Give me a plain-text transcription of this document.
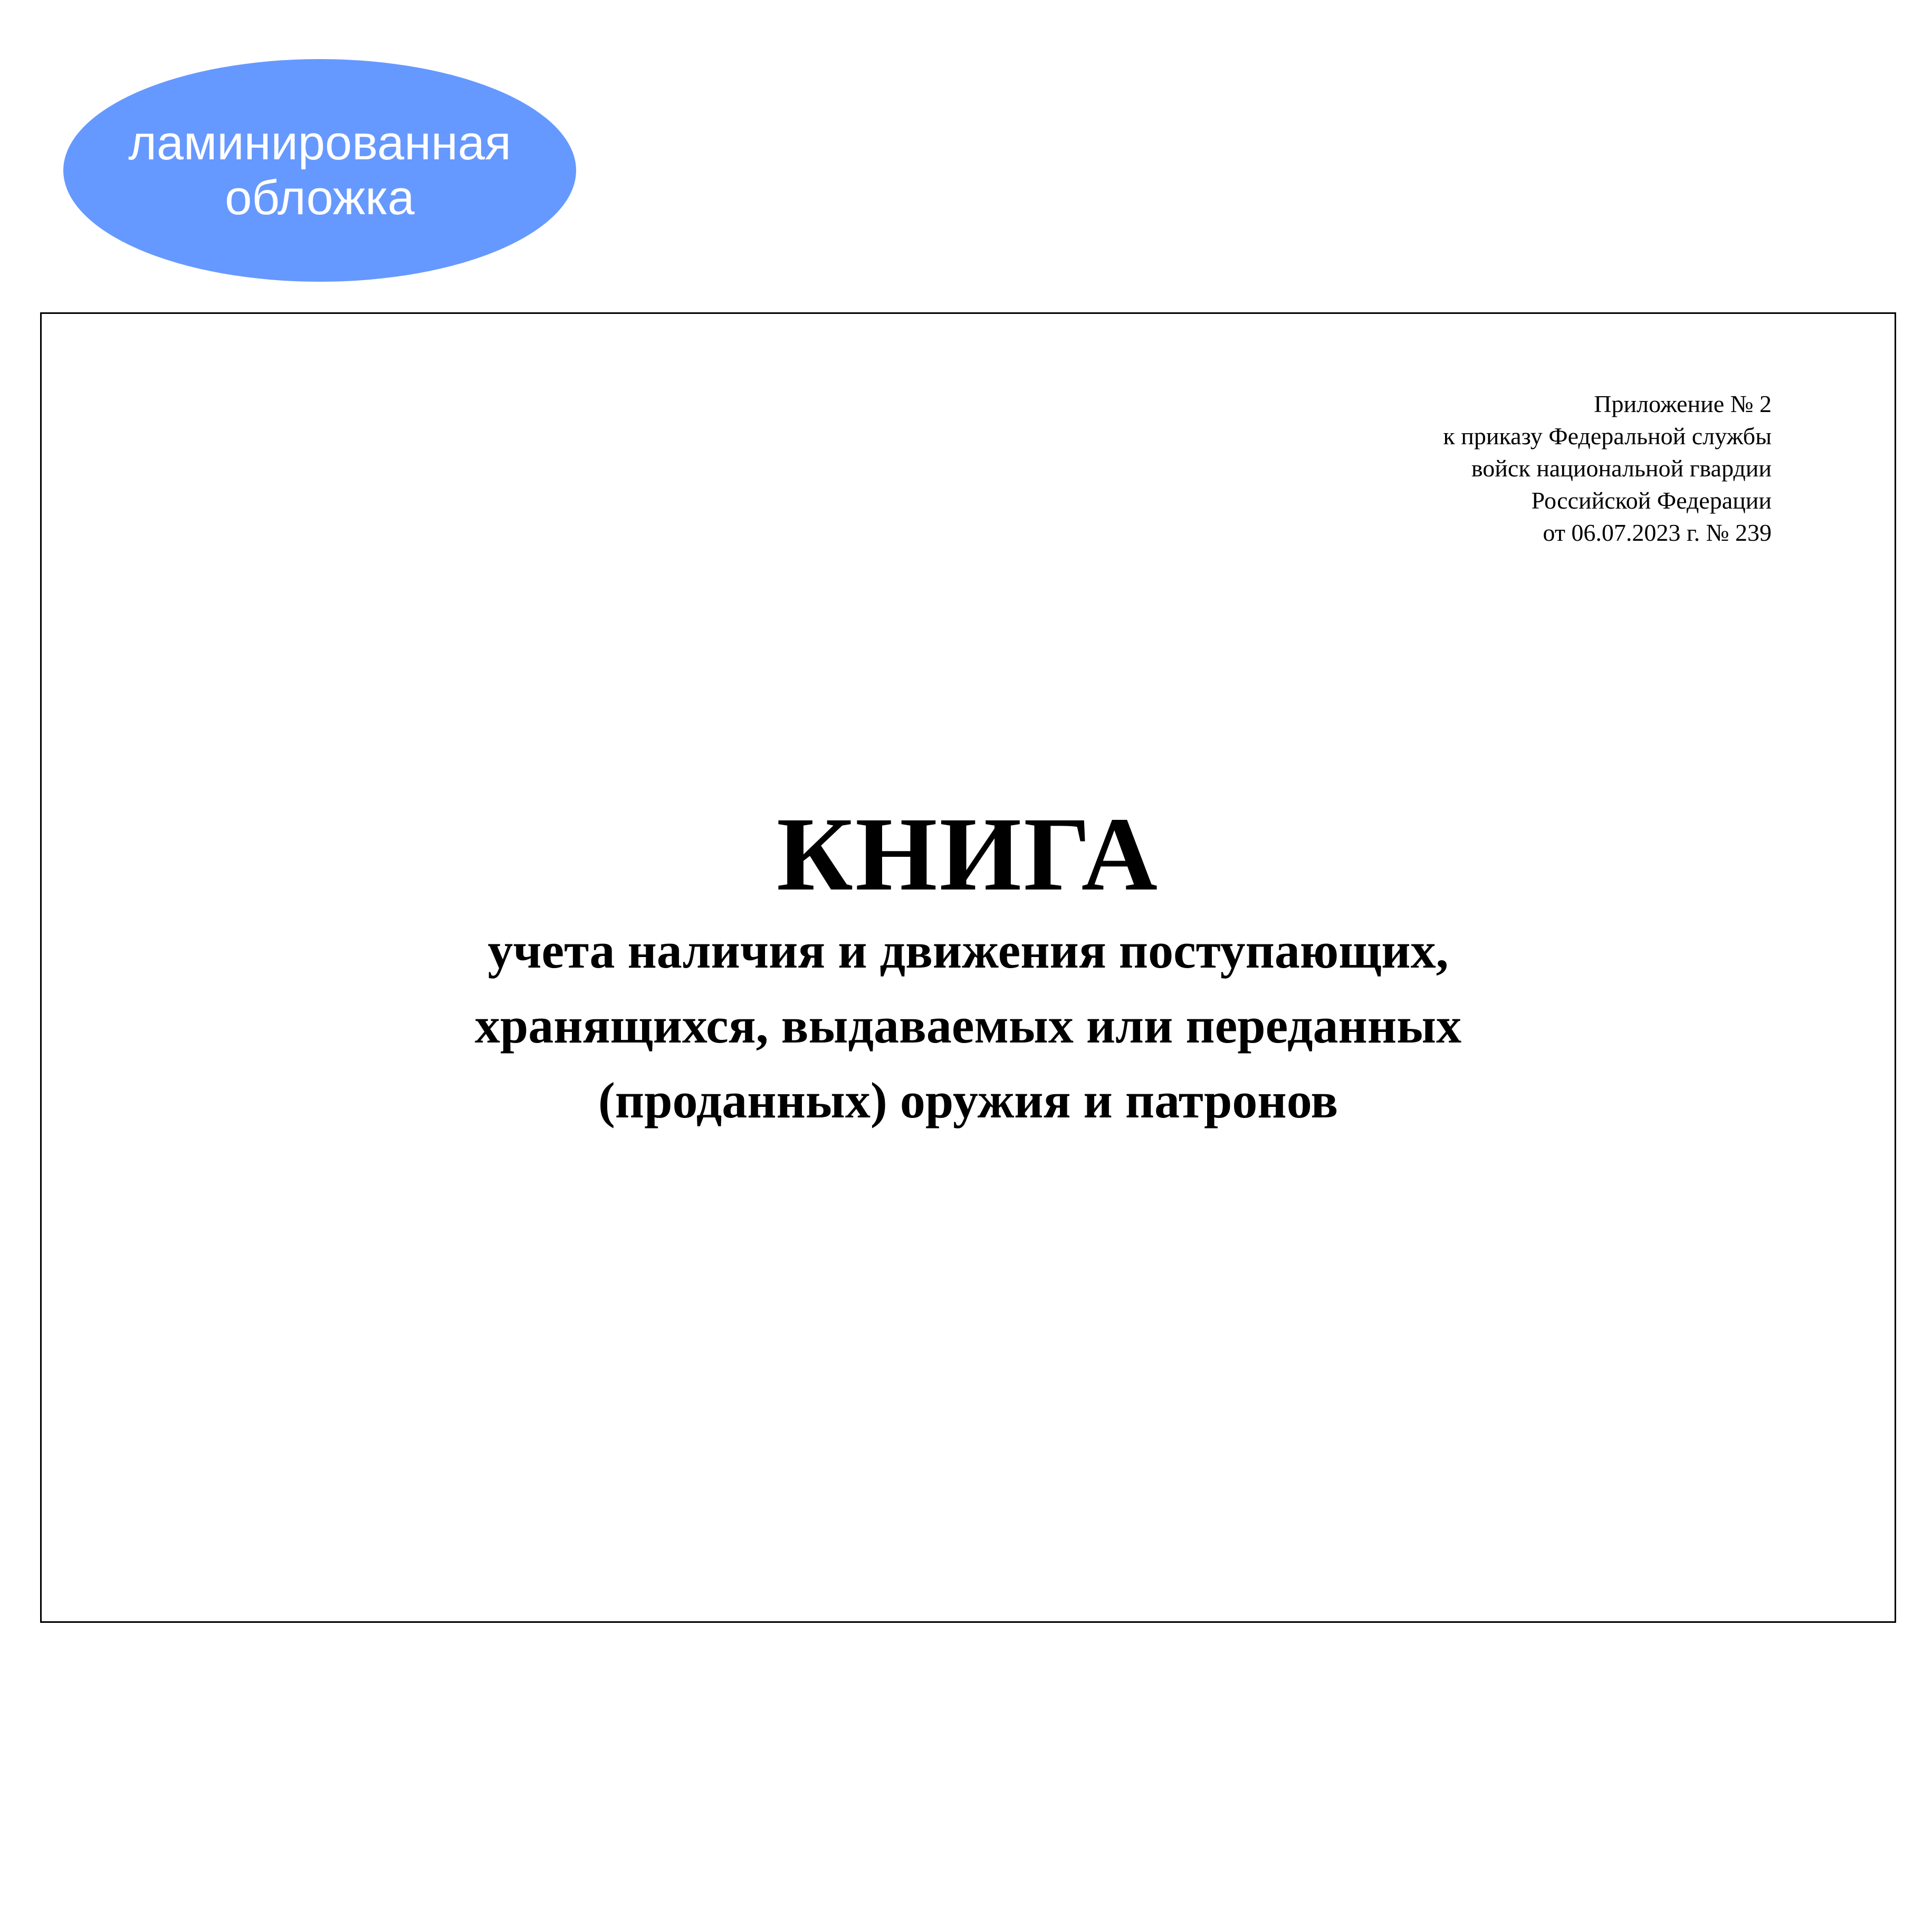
ламинированная
обложка
Приложение № 2
к приказу Федеральной службы
войск национальной гвардии
Российской Федерации
от 06.07.2023 г. № 239
КНИГА
учета наличия и движения поступающих,
хранящихся, выдаваемых или переданных
(проданных) оружия и патронов
